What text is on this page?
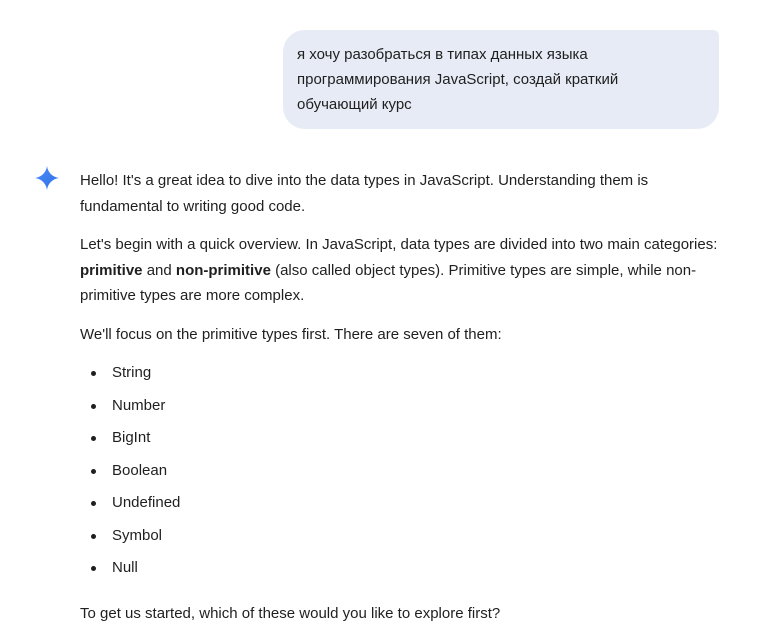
я хочу разобраться в типах данных языка программирования JavaScript, создай краткий обучающий курс

Hello! It's a great idea to dive into the data types in JavaScript. Understanding them is fundamental to writing good code.

Let's begin with a quick overview. In JavaScript, data types are divided into two main categories: primitive and non-primitive (also called object types). Primitive types are simple, while non-primitive types are more complex.

We'll focus on the primitive types first. There are seven of them:

String
Number
BigInt
Boolean
Undefined
Symbol
Null

To get us started, which of these would you like to explore first?
